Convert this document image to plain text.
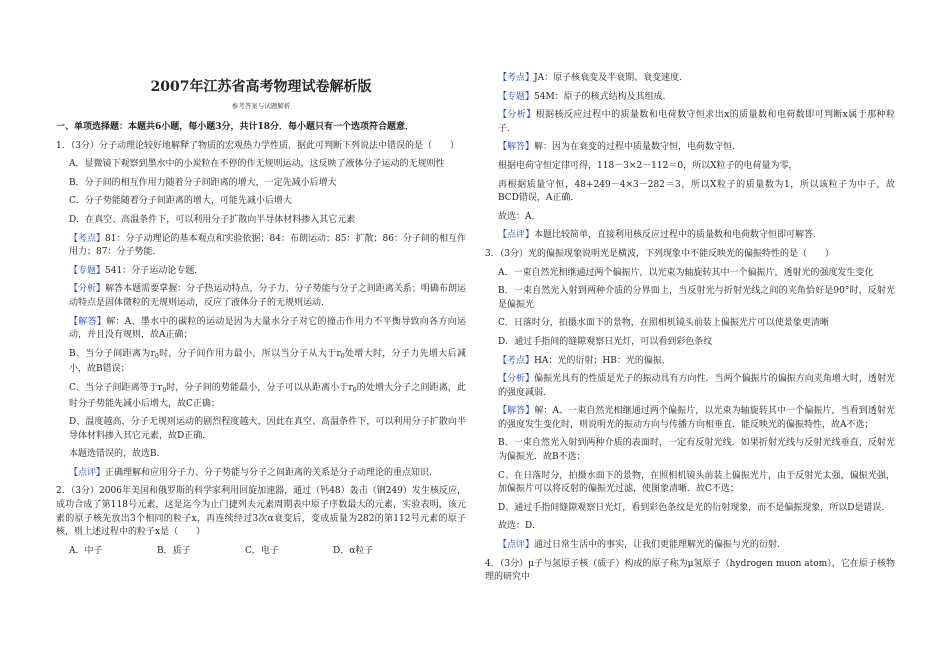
2007年江苏省高考物理试卷解析版
参考答案与试题解析
一、单项选择题：本题共6小题，每小题3分，共计18分．每小题只有一个选项符合题意．

1．（3分）分子动理论较好地解释了物质的宏观热力学性质．据此可判断下列说法中错误的是（　　）

A．显微镜下观察到墨水中的小炭粒在不停的作无规则运动，这反映了液体分子运动的无规则性

B．分子间的相互作用力随着分子间距离的增大，一定先减小后增大

C．分子势能随着分子间距离的增大，可能先减小后增大

D．在真空、高温条件下，可以利用分子扩散向半导体材料掺入其它元素

【考点】81：分子动理论的基本观点和实验依据；84：布朗运动；85：扩散；86：分子间的相互作用力；87：分子势能．

【专题】541：分子运动论专题．

【分析】解答本题需要掌握：分子热运动特点，分子力、分子势能与分子之间距离关系；明确布朗运动特点是固体微粒的无规则运动，反应了液体分子的无规则运动．

【解答】解：A、墨水中的碳粒的运动是因为大量水分子对它的撞击作用力不平衡导致向各方向运动，并且没有规则，故A正确；

B、当分子间距离为$r_0$时，分子间作用力最小，所以当分子从大于$r_0$处增大时，分子力先增大后减小，故B错误；

C、当分子间距离等于$r_0$时，分子间的势能最小，分子可以从距离小于$r_0$的处增大分子之间距离，此时分子势能先减小后增大，故C正确；

D、温度越高，分子无规则运动的剧烈程度越大，因此在真空、高温条件下，可以利用分子扩散向半导体材料掺入其它元素，故D正确．

本题选错误的，故选B．

【点评】正确理解和应用分子力、分子势能与分子之间距离的关系是分子动理论的重点知识．

2．（3分）2006年美国和俄罗斯的科学家利用回旋加速器，通过（钙48）轰击（锎249）发生核反应，成功合成了第118号元素，这是迄今为止门捷列夫元素周期表中原子序数最大的元素，实验表明，该元素的原子核先放出3个相同的粒子x，再连续经过3次α衰变后，变成质量为282的第112号元素的原子核，则上述过程中的粒子x是（　　）

A．中子	B．质子	C．电子	D．α粒子

【考点】JA：原子核衰变及半衰期、衰变速度．

【专题】54M：原子的核式结构及其组成．

【分析】根据核反应过程中的质量数和电荷数守恒求出x的质量数和电荷数即可判断x属于那种粒子．

【解答】解：因为在衰变的过程中质量数守恒，电荷数守恒．

根据电荷守恒定律可得，118－3×2－112＝0，所以X粒子的电荷量为零，

再根据质量守恒，48+249－4×3－282＝3，所以X粒子的质量数为1，所以该粒子为中子，故BCD错误，A正确．

故选：A．

【点评】本题比较简单，直接利用核反应过程中的质量数和电荷数守恒即可解答．

3．（3分）光的偏振现象说明光是横波，下列现象中不能反映光的偏振特性的是（　　）

A．一束自然光相继通过两个偏振片，以光束为轴旋转其中一个偏振片，透射光的强度发生变化

B．一束自然光入射到两种介质的分界面上，当反射光与折射光线之间的夹角恰好是90°时，反射光是偏振光

C．日落时分，拍摄水面下的景物，在照相机镜头前装上偏振光片可以使景象更清晰

D．通过手指间的缝隙观察日光灯，可以看到彩色条纹

【考点】HA：光的衍射；HB：光的偏振．

【分析】偏振光具有的性质是光子的振动具有方向性．当两个偏振片的偏振方向夹角增大时，透射光的强度减弱．

【解答】解：A、一束自然光相继通过两个偏振片，以光束为轴旋转其中一个偏振片，当看到透射光的强度发生变化时，则说明光的振动方向与传播方向相垂直．能反映光的偏振特性，故A不选；

B、一束自然光入射到两种介质的表面时，一定有反射光线．如果折射光线与反射光线垂直，反射光为偏振光．故B不选；

C、在日落时分，拍摄水面下的景物，在照相机镜头前装上偏振光片，由于反射光太强，偏振光强，加偏振片可以将反射的偏振光过滤，使图象清晰．故C不选；

D、通过手指间缝隙观察日光灯，看到彩色条纹是光的衍射现象，而不是偏振现象，所以D是错误．

故选：D．

【点评】通过日常生活中的事实，让我们更能理解光的偏振与光的衍射．

4．（3分）μ子与氢原子核（质子）构成的原子称为μ氢原子（hydrogen muon atom），它在原子核物理的研究中
